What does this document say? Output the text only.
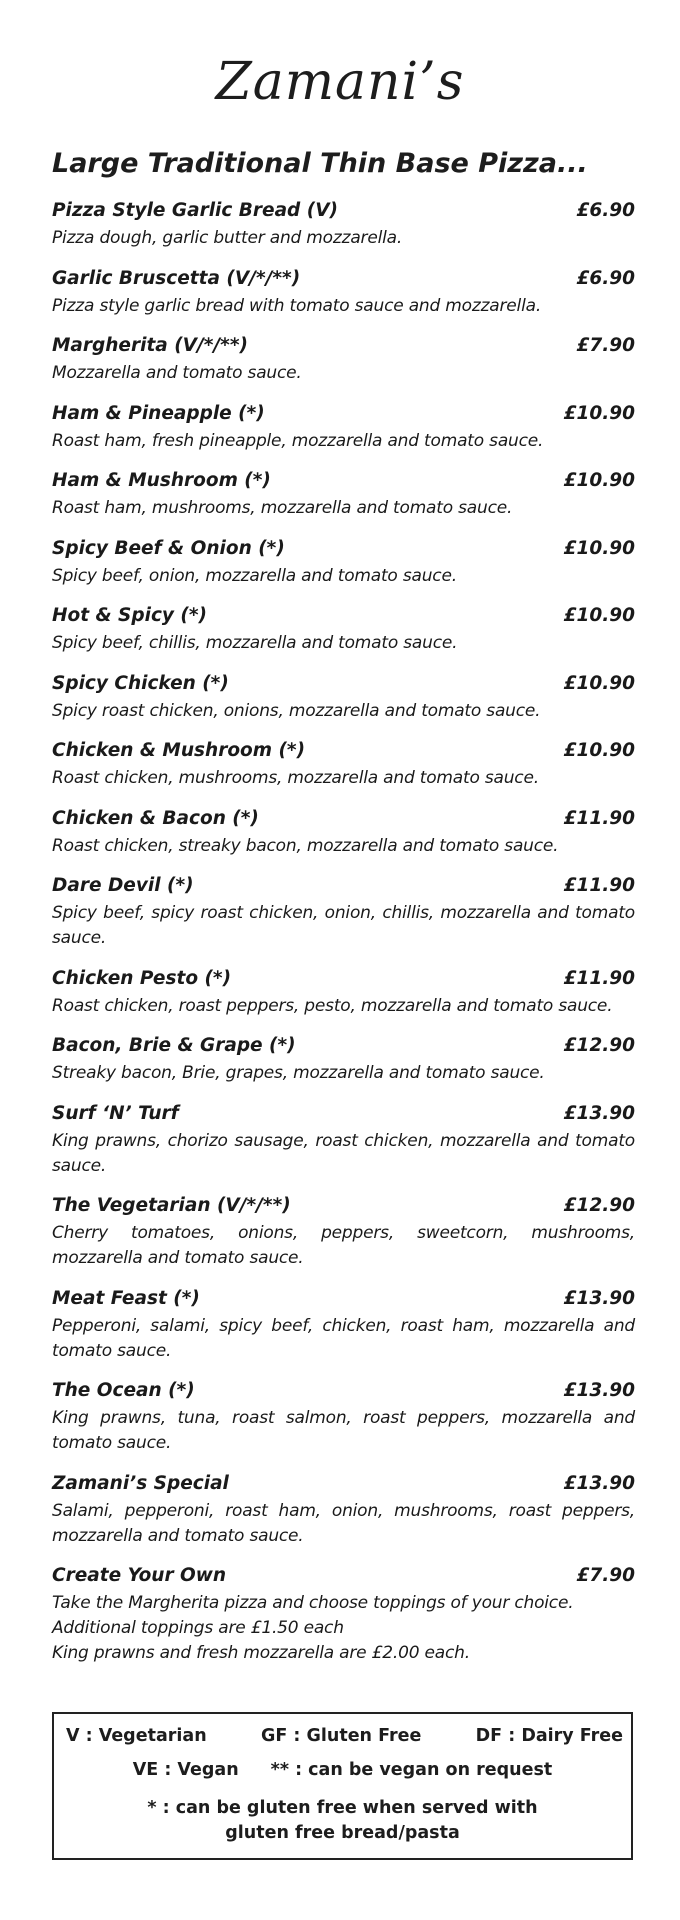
Zamani’s
Large Traditional Thin Base Pizza...
Pizza Style Garlic Bread (V)	£6.90
Pizza dough, garlic butter and mozzarella.
Garlic Bruscetta (V/*/**)	£6.90
Pizza style garlic bread with tomato sauce and mozzarella.
Margherita (V/*/**)	£7.90
Mozzarella and tomato sauce.
Ham & Pineapple (*)	£10.90
Roast ham, fresh pineapple, mozzarella and tomato sauce.
Ham & Mushroom (*)	£10.90
Roast ham, mushrooms, mozzarella and tomato sauce.
Spicy Beef & Onion (*)	£10.90
Spicy beef, onion, mozzarella and tomato sauce.
Hot & Spicy (*)	£10.90
Spicy beef, chillis, mozzarella and tomato sauce.
Spicy Chicken (*)	£10.90
Spicy roast chicken, onions, mozzarella and tomato sauce.
Chicken & Mushroom (*)	£10.90
Roast chicken, mushrooms, mozzarella and tomato sauce.
Chicken & Bacon (*)	£11.90
Roast chicken, streaky bacon, mozzarella and tomato sauce.
Dare Devil (*)	£11.90
Spicy beef, spicy roast chicken, onion, chillis, mozzarella and tomato sauce.
Chicken Pesto (*)	£11.90
Roast chicken, roast peppers, pesto, mozzarella and tomato sauce.
Bacon, Brie & Grape (*)	£12.90
Streaky bacon, Brie, grapes, mozzarella and tomato sauce.
Surf ‘N’ Turf	£13.90
King prawns, chorizo sausage, roast chicken, mozzarella and tomato sauce.
The Vegetarian (V/*/**)	£12.90
Cherry tomatoes, onions, peppers, sweetcorn, mushrooms, mozzarella and tomato sauce.
Meat Feast (*)	£13.90
Pepperoni, salami, spicy beef, chicken, roast ham, mozzarella and tomato sauce.
The Ocean (*)	£13.90
King prawns, tuna, roast salmon, roast peppers, mozzarella and tomato sauce.
Zamani’s Special	£13.90
Salami, pepperoni, roast ham, onion, mushrooms, roast peppers, mozzarella and tomato sauce.
Create Your Own	£7.90
Take the Margherita pizza and choose toppings of your choice.
Additional toppings are £1.50 each
King prawns and fresh mozzarella are £2.00 each.
V : Vegetarian	GF : Gluten Free	DF : Dairy Free
VE : Vegan ** : can be vegan on request
* : can be gluten free when served with
gluten free bread/pasta
